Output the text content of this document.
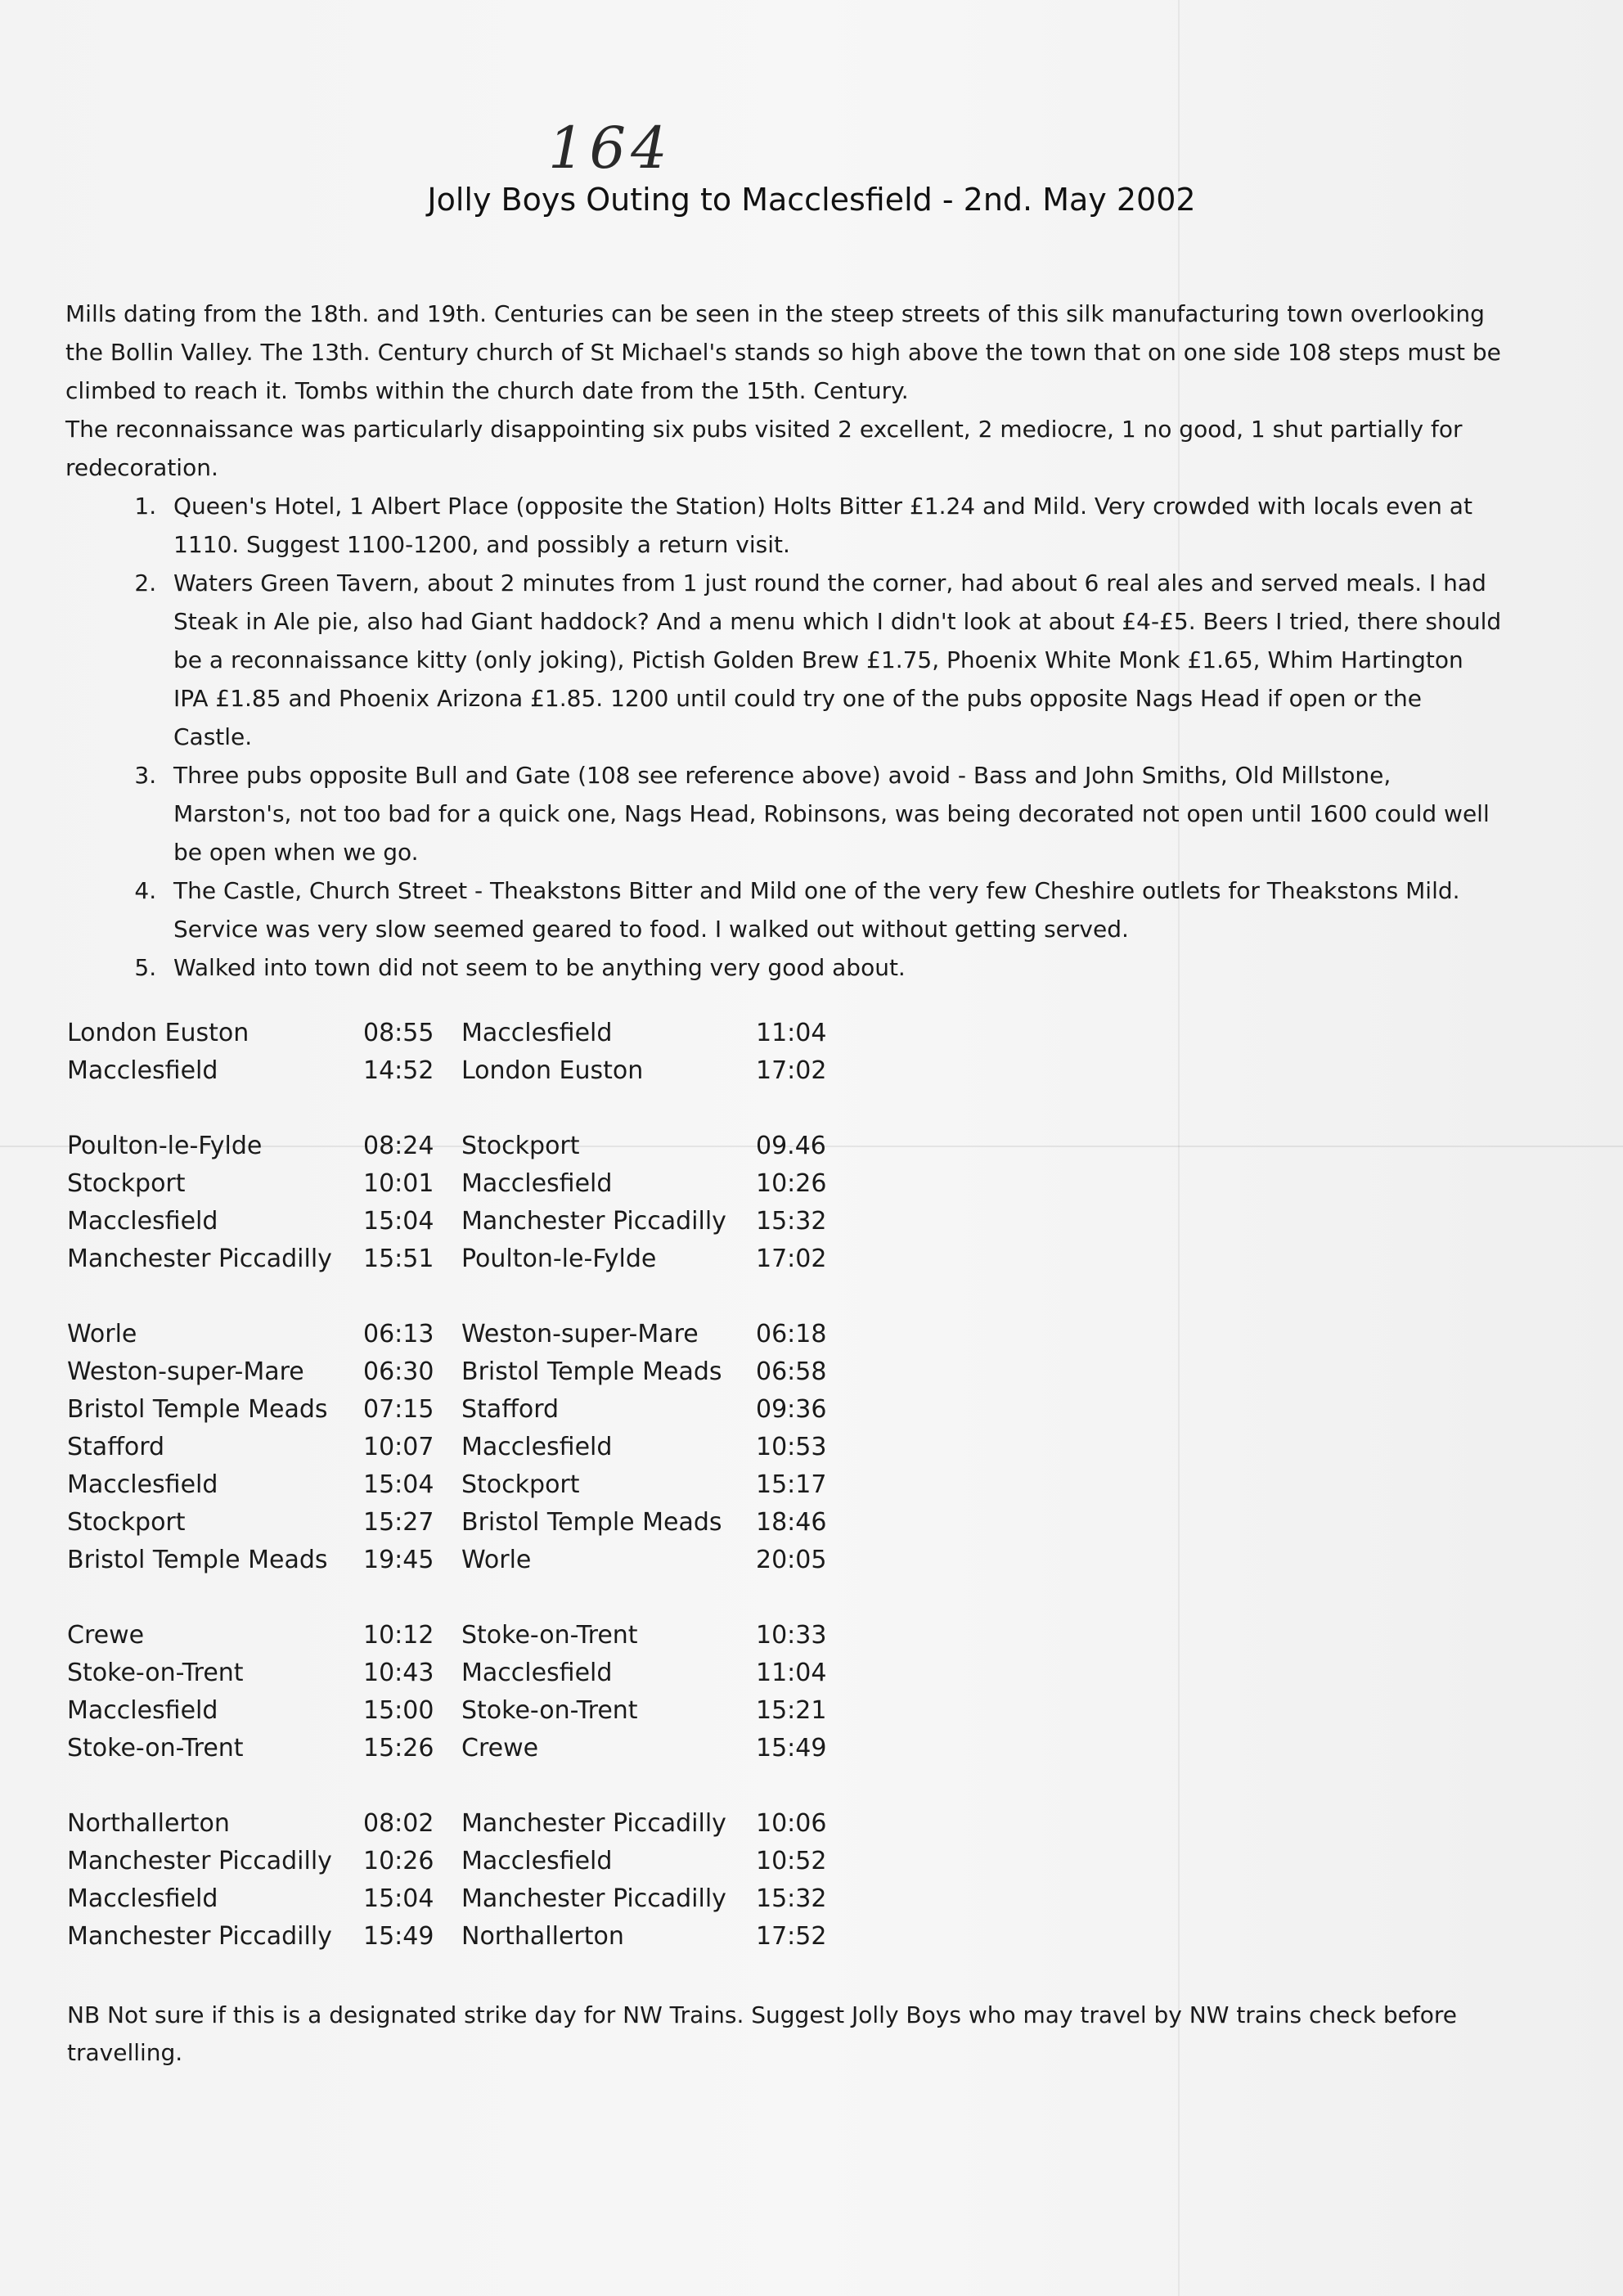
164
Jolly Boys Outing to Macclesfield - 2nd. May 2002

Mills dating from the 18th. and 19th. Centuries can be seen in the steep streets of this silk manufacturing town overlooking the Bollin Valley. The 13th. Century church of St Michael's stands so high above the town that on one side 108 steps must be climbed to reach it. Tombs within the church date from the 15th. Century.

The reconnaissance was particularly disappointing six pubs visited 2 excellent, 2 mediocre, 1 no good, 1 shut partially for redecoration.

1. Queen's Hotel, 1 Albert Place (opposite the Station) Holts Bitter £1.24 and Mild. Very crowded with locals even at 1110. Suggest 1100-1200, and possibly a return visit.
2. Waters Green Tavern, about 2 minutes from 1 just round the corner, had about 6 real ales and served meals. I had Steak in Ale pie, also had Giant haddock? And a menu which I didn't look at about £4-£5. Beers I tried, there should be a reconnaissance kitty (only joking), Pictish Golden Brew £1.75, Phoenix White Monk £1.65, Whim Hartington IPA £1.85 and Phoenix Arizona £1.85. 1200 until could try one of the pubs opposite Nags Head if open or the Castle.
3. Three pubs opposite Bull and Gate (108 see reference above) avoid - Bass and John Smiths, Old Millstone, Marston's, not too bad for a quick one, Nags Head, Robinsons, was being decorated not open until 1600 could well be open when we go.
4. The Castle, Church Street - Theakstons Bitter and Mild one of the very few Cheshire outlets for Theakstons Mild. Service was very slow seemed geared to food. I walked out without getting served.
5. Walked into town did not seem to be anything very good about.
London Euston	08:55	Macclesfield	11:04
Macclesfield	14:52	London Euston	17:02
Poulton-le-Fylde	08:24	Stockport	09.46
Stockport	10:01	Macclesfield	10:26
Macclesfield	15:04	Manchester Piccadilly	15:32
Manchester Piccadilly	15:51	Poulton-le-Fylde	17:02
Worle	06:13	Weston-super-Mare	06:18
Weston-super-Mare	06:30	Bristol Temple Meads	06:58
Bristol Temple Meads	07:15	Stafford	09:36
Stafford	10:07	Macclesfield	10:53
Macclesfield	15:04	Stockport	15:17
Stockport	15:27	Bristol Temple Meads	18:46
Bristol Temple Meads	19:45	Worle	20:05
Crewe	10:12	Stoke-on-Trent	10:33
Stoke-on-Trent	10:43	Macclesfield	11:04
Macclesfield	15:00	Stoke-on-Trent	15:21
Stoke-on-Trent	15:26	Crewe	15:49
Northallerton	08:02	Manchester Piccadilly	10:06
Manchester Piccadilly	10:26	Macclesfield	10:52
Macclesfield	15:04	Manchester Piccadilly	15:32
Manchester Piccadilly	15:49	Northallerton	17:52
NB Not sure if this is a designated strike day for NW Trains. Suggest Jolly Boys who may travel by NW trains check before travelling.
